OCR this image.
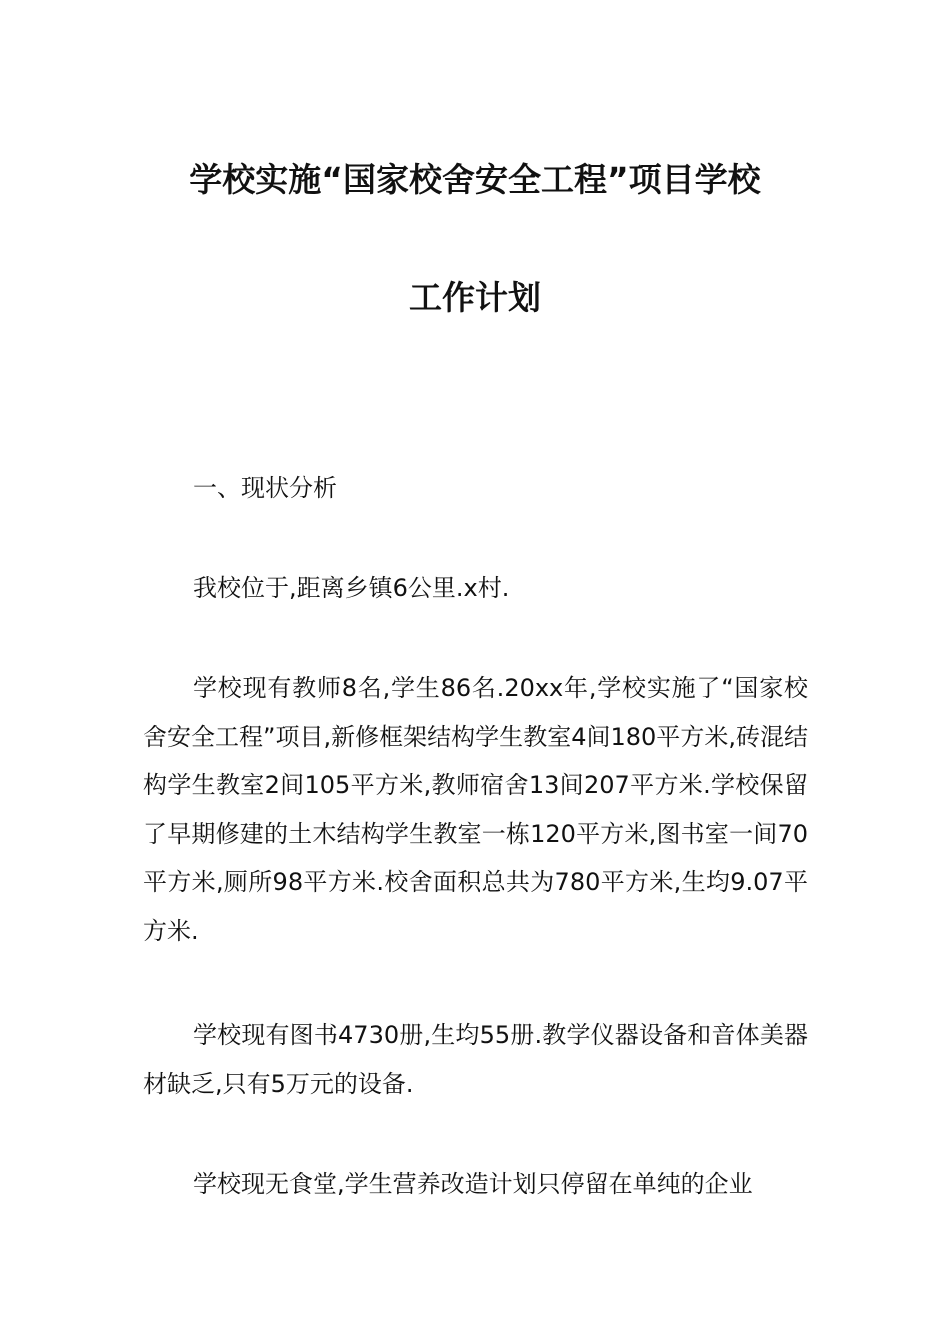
学校实施“国家校舍安全工程”项目学校
工作计划
一、现状分析
我校位于,距离乡镇6公里.x村.
学校现有教师8名,学生86名.20xx年,学校实施了“国家校舍安全工程”项目,新修框架结构学生教室4间180平方米,砖混结构学生教室2间105平方米,教师宿舍13间207平方米.学校保留了早期修建的土木结构学生教室一栋120平方米,图书室一间70平方米,厕所98平方米.校舍面积总共为780平方米,生均9.07平方米.
学校现有图书4730册,生均55册.教学仪器设备和音体美器材缺乏,只有5万元的设备.
学校现无食堂,学生营养改造计划只停留在单纯的企业
